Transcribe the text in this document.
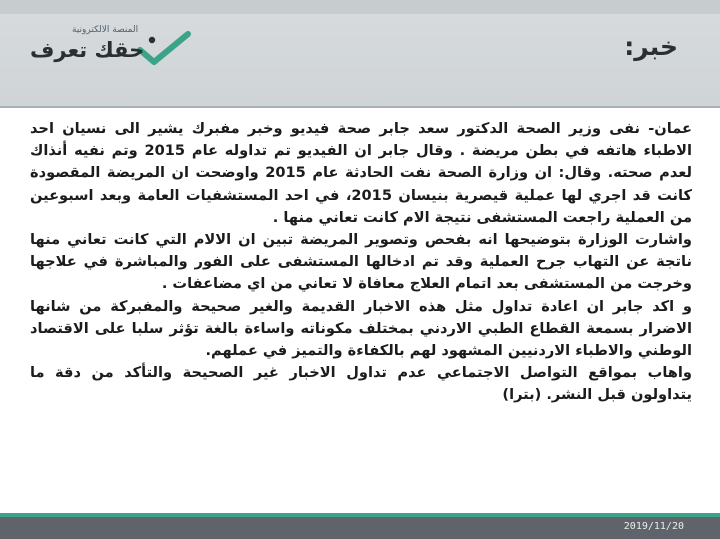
المنصة الالكترونية
حقك تعرف	خبر:

عمان- نفى وزير الصحة الدكتور سعد جابر صحة فيديو وخبر مفبرك يشير الى نسيان احد الاطباء هاتفه في بطن مريضة . وقال جابر ان الفيديو تم تداوله عام 2015 وتم نفيه أنذاك لعدم صحته. وقال: ان وزارة الصحة نفت الحادثة عام 2015 واوضحت ان المريضة المقصودة كانت قد اجري لها عملية قيصرية بنيسان 2015، في احد المستشفيات العامة وبعد اسبوعين من العملية راجعت المستشفى نتيجة الام كانت تعاني منها .

واشارت الوزارة بتوضيحها انه بفحص وتصوير المريضة تبين ان الالام التي كانت تعاني منها ناتجة عن التهاب جرح العملية وقد تم ادخالها المستشفى على الفور والمباشرة في علاجها وخرجت من المستشفى بعد اتمام العلاج معافاة لا تعاني من اي مضاعفات .

و اكد جابر ان اعادة تداول مثل هذه الاخبار القديمة والغير صحيحة والمفبركة من شانها الاضرار بسمعة القطاع الطبي الاردني بمختلف مكوناته واساءة بالغة تؤثر سلبا على الاقتصاد الوطني والاطباء الاردنيين المشهود لهم بالكفاءة والتميز في عملهم.

واهاب بمواقع التواصل الاجتماعي عدم تداول الاخبار غير الصحيحة والتأكد من دقة ما يتداولون قبل النشر. (بترا)

2019/11/20
